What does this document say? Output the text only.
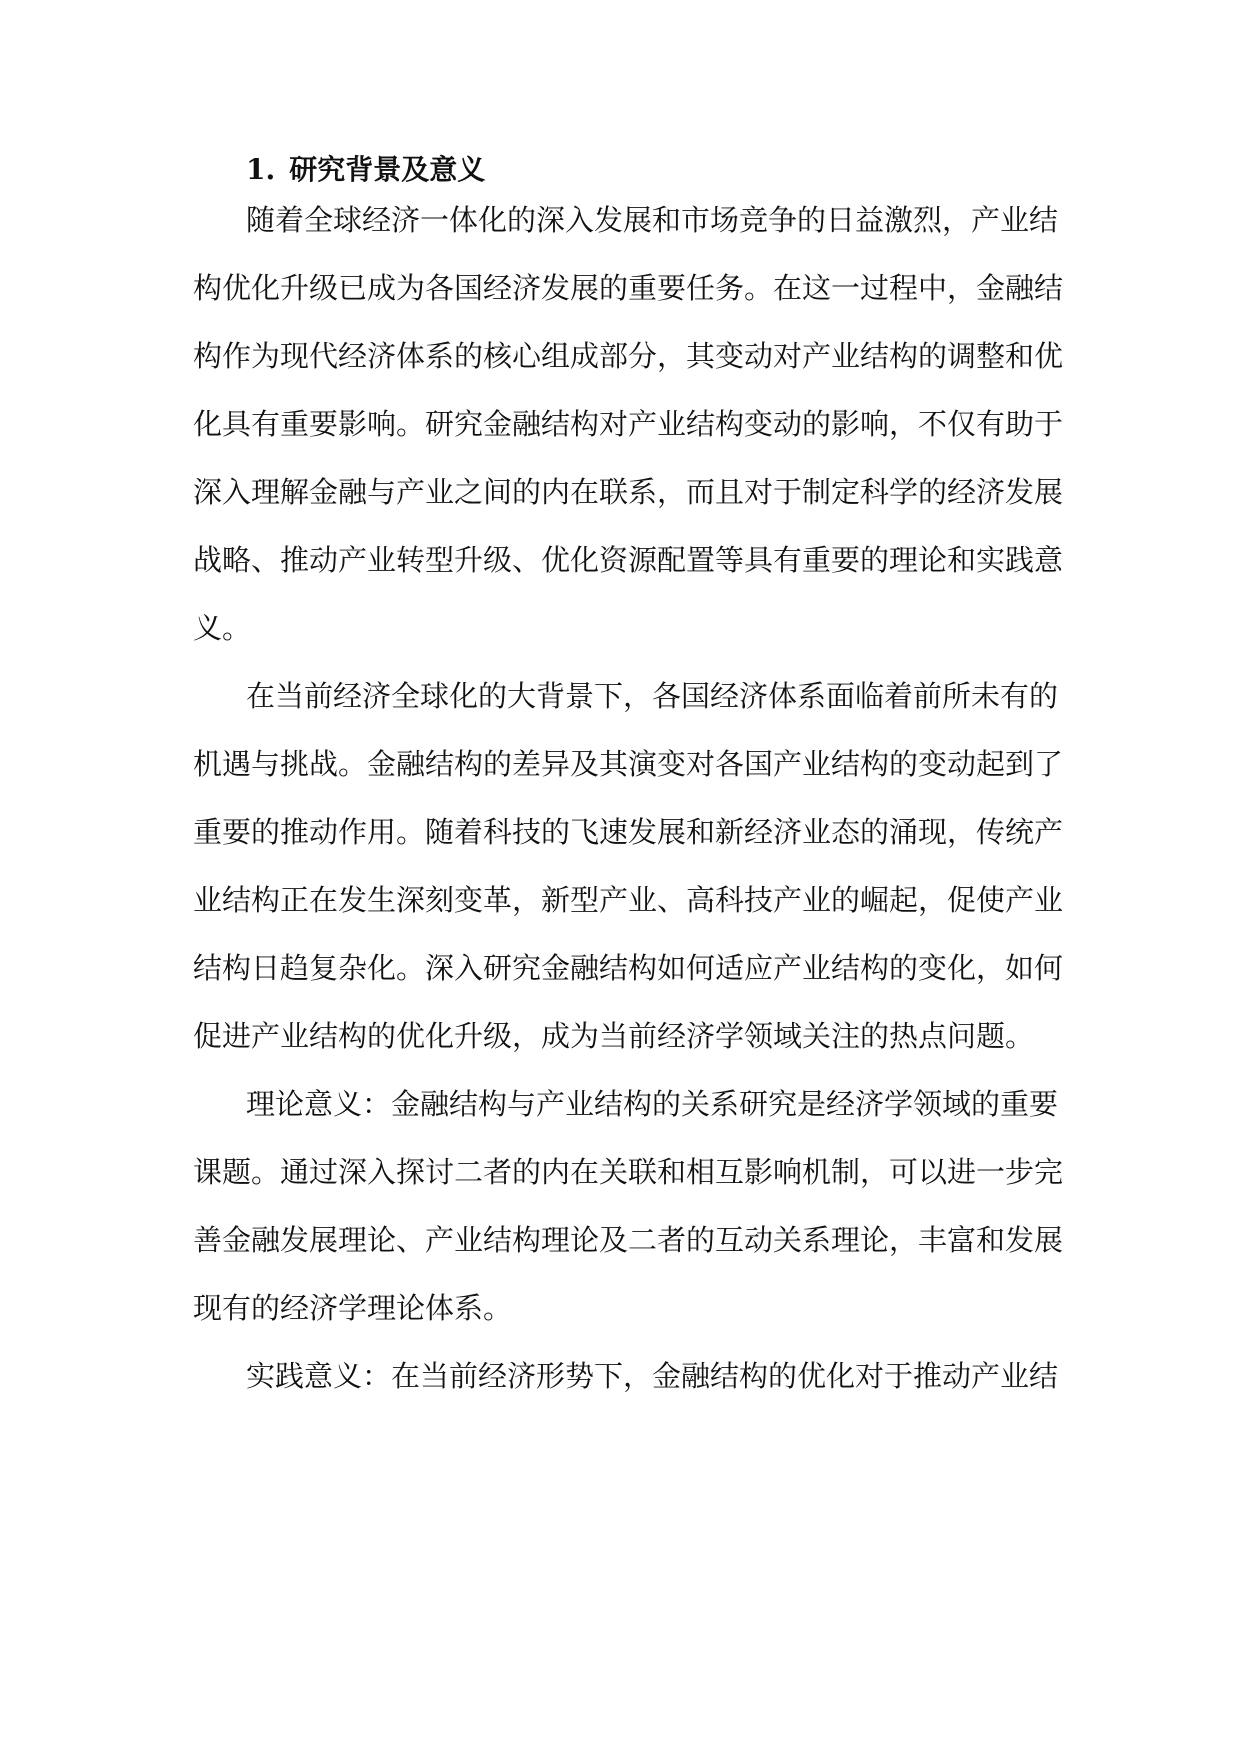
1. 研究背景及意义
随着全球经济一体化的深入发展和市场竞争的日益激烈，产业结
构优化升级已成为各国经济发展的重要任务。在这一过程中，金融结
构作为现代经济体系的核心组成部分，其变动对产业结构的调整和优
化具有重要影响。研究金融结构对产业结构变动的影响，不仅有助于
深入理解金融与产业之间的内在联系，而且对于制定科学的经济发展
战略、推动产业转型升级、优化资源配置等具有重要的理论和实践意
义。
在当前经济全球化的大背景下，各国经济体系面临着前所未有的
机遇与挑战。金融结构的差异及其演变对各国产业结构的变动起到了
重要的推动作用。随着科技的飞速发展和新经济业态的涌现，传统产
业结构正在发生深刻变革，新型产业、高科技产业的崛起，促使产业
结构日趋复杂化。深入研究金融结构如何适应产业结构的变化，如何
促进产业结构的优化升级，成为当前经济学领域关注的热点问题。
理论意义：金融结构与产业结构的关系研究是经济学领域的重要
课题。通过深入探讨二者的内在关联和相互影响机制，可以进一步完
善金融发展理论、产业结构理论及二者的互动关系理论，丰富和发展
现有的经济学理论体系。
实践意义：在当前经济形势下，金融结构的优化对于推动产业结
